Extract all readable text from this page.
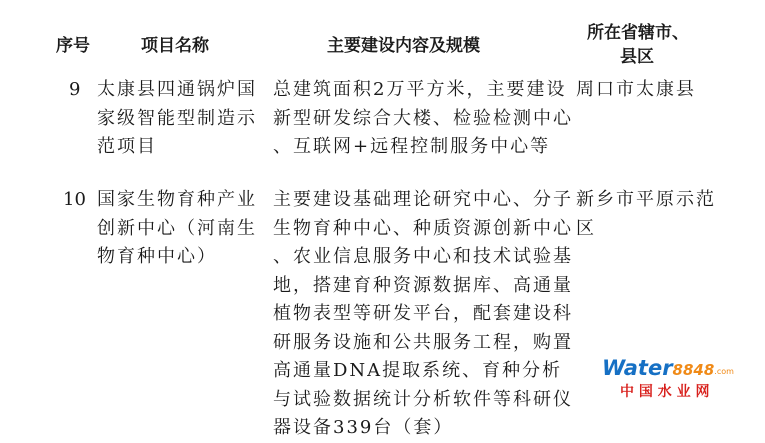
序号	项目名称	主要建设内容及规模
所在省辖市、
县区
9 太康县四通锅炉国
家级智能型制造示
范项目
总建筑面积2万平方米，主要建设
新型研发综合大楼、检验检测中心
、互联网+远程控制服务中心等
周口市太康县
10 国家生物育种产业
创新中心（河南生
物育种中心）
主要建设基础理论研究中心、分子
生物育种中心、种质资源创新中心
、农业信息服务中心和技术试验基
地，搭建育种资源数据库、高通量
植物表型等研发平台，配套建设科
研服务设施和公共服务工程，购置
高通量DNA提取系统、育种分析
与试验数据统计分析软件等科研仪
器设备339台（套）
新乡市平原示范
区
Water8848.com
中 国 水 业 网
